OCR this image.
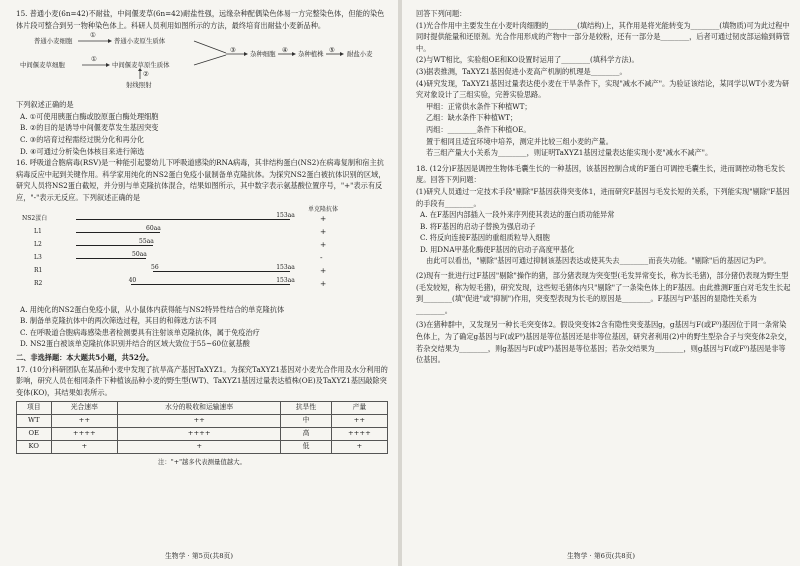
15. 普通小麦(6n=42)不耐盐，中间偃麦草(6n=42)耐盐性强，远缘杂种配偶染色体易一方完整染色体，但能的染色体片段可整合到另一物种染色体上。科研人员利用如图所示的方法，最终培育出耐盐小麦新品种。

普通小麦细胞
①
普通小麦原生质体
中间偃麦草细胞
①
中间偃麦草原生质体
②
射线照射
③ 杂种细胞 ④ 杂种植株 ⑤ 耐盐小麦

下列叙述正确的是

A. ①可使用胰蛋白酶或胶原蛋白酶处理细胞

B. ②的目的是诱导中间偃麦草发生基因突变

C. ③的培育过程需经过脱分化和再分化

D. ④可通过分析染色体核目来进行筛选

16. 呼吸道合胞病毒(RSV)是一种能引起婴幼儿下呼吸道感染的RNA病毒，其非结构蛋白(NS2)在病毒复制和宿主抗病毒反应中起到关键作用。科学家用纯化的NS2蛋白免疫小鼠制备单克隆抗体。为探究NS2蛋白被抗体识别的区域，研究人员将NS2蛋白截短，并分别与单克隆抗体混合，结果如图所示，其中数字表示氨基酸位置序号，"+"表示有反应，"-"表示无反应。下列叙述正确的是

单克隆抗体
NS2蛋白	153aa	+
L1	60aa	+
L2	55aa	+
L3	50aa	-
R1	56	153aa	+
R2	40	153aa	+

A. 用纯化的NS2蛋白免疫小鼠，从小鼠体内获得能与NS2特异性结合的单克隆抗体

B. 制备单克隆抗体中的两次筛选过程，其目的和筛选方法不同

C. 在呼吸道合胞病毒感染患者检测要具有注射该单克隆抗体，属于免疫治疗

D. NS2蛋白被该单克隆抗体识别并结合的区域大致位于55~60位氨基酸

二、非选择题：本大题共5小题，共52分。

17. (10分)科研团队在某品种小麦中发现了抗旱高产基因TaXYZ1。为探究TaXYZ1基因对小麦光合作用及水分利用的影响，研究人员在相同条件下种植该品种小麦的野生型(WT)、TaXYZ1基因过量表达植株(OE)及TaXYZ1基因敲除突变体(KO)，其结果如表所示。

项目	光合速率	水分的吸收和运输速率	抗旱性	产量
WT	++	++	中	++
OE	++++	++++	高	++++
KO	+	+	低	+

注："+"越多代表测量值越大。

生物学 · 第5页(共8页)

回答下列问题：

(1)光合作用中主要发生在小麦叶肉细胞的________(填结构)上，其作用是将光能转变为________(填物质)可为此过程中同时提供能量和还原剂。光合作用形成的产物中一部分是较粉，还有一部分是________，后者可通过韧皮部运输到筛管中。

(2)与WT相比，实验组OE和KO设置时运用了________(填科学方法)。

(3)据表推测，TaXYZ1基因促进小麦高产机制的机理是________。

(4)研究发现，TaXYZ1基因过量表达使小麦在干旱条件下，实现"减水不减产"。为验证该结论，某同学以WT小麦为研究对象设计了三组实验，完善实验思路。

甲组：正常供水条件下种植WT；

乙组：缺水条件下种植WT；

丙组：________条件下种植OE。

置于相同且适宜环境中培养，测定并比较三组小麦的产量。

若三组产量大小关系为________，则证明TaXYZ1基因过量表达能实现小麦"减水不减产"。

18. (12分)F基因是调控生物体毛囊生长的一种基因，该基因控制合成的F蛋白可调控毛囊生长，进而调控动物毛发长度。回答下列问题：

(1)研究人员通过一定技术手段"剔除"F基因获得突变体1，进而研究F基因与毛发长短的关系，下列能实现"剔除"F基因的手段有________。

A. 在F基因内部插入一段外来序列使其表达的蛋白质功能异常

B. 将F基因的启动子替换为强启动子

C. 将反向连接F基因的重组质粒导入细胞

D. 用DNA甲基化酶使F基因的启动子高度甲基化

由此可以看出，"剔除"基因可通过抑制该基因表达或使其失去________而丧失功能。"剔除"后的基因记为F⁰。

(2)现有一批进行过F基因"剔除"操作的猪，部分猪表现为突变型(毛发异常变长，称为长毛猪)，部分猪仍表现为野生型(毛发较短，称为短毛猪)，研究发现，这些短毛猪体内只"剔除"了一条染色体上的F基因。由此推测F蛋白对毛发生长起到________(填"促进"或"抑制")作用，突变型表现为长毛的原因是________。F基因与F⁰基因的显隐性关系为________。

(3)在猪种群中，又发现另一种长毛突变体2。假设突变体2含有隐性突变基因g，g基因与F(或F⁰)基因位于同一条常染色体上，为了确定g基因与F(或F⁰)基因是等位基因还是非等位基因，研究者利用(2)中的野生型杂合子与突变体2杂交，若杂交结果为________，则g基因与F(或F⁰)基因是等位基因；若杂交结果为________，则g基因与F(或F⁰)基因是非等位基因。

生物学 · 第6页(共8页)
